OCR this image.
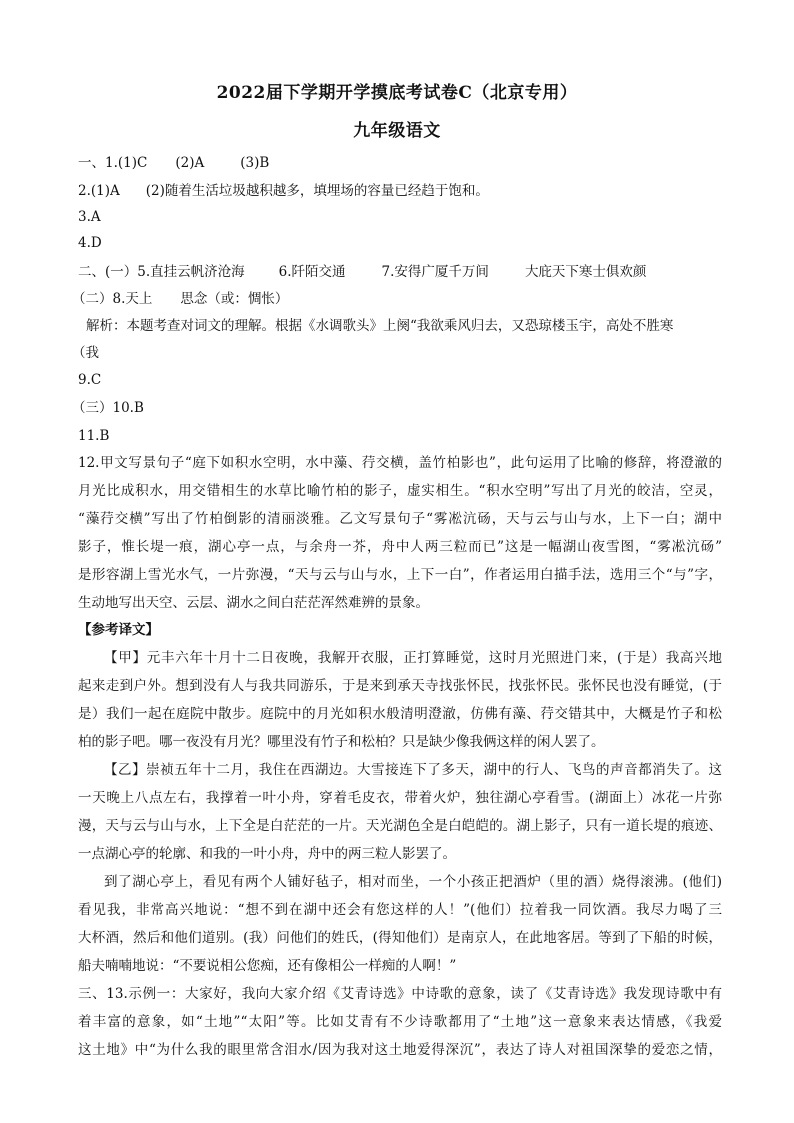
2022届下学期开学摸底考试卷C（北京专用）
九年级语文
一、1.(1)C (2)A	(3)B
2.(1)A (2)随着生活垃圾越积越多，填埋场的容量已经趋于饱和。
3.A
4.D
二、(一）5.直挂云帆济沧海	6.阡陌交通	7.安得广厦千万间	大庇天下寒士俱欢颜
（二）8.天上 思念（或：惆怅）
解析：本题考查对词文的理解。根据《水调歌头》上阕“我欲乘风归去，又恐琼楼玉宇，高处不胜寒
（我
9.C
（三）10.B
11.B
12.甲文写景句子“庭下如积水空明，水中藻、荇交横，盖竹柏影也”，此句运用了比喻的修辞，将澄澈的
月光比成积水，用交错相生的水草比喻竹柏的影子，虚实相生。“积水空明”写出了月光的皎洁，空灵，
“藻荇交横”写出了竹柏倒影的清丽淡雅。乙文写景句子“雾凇沆砀，天与云与山与水，上下一白；湖中
影子，惟长堤一痕，湖心亭一点，与余舟一芥，舟中人两三粒而已”这是一幅湖山夜雪图，“雾凇沆砀”
是形容湖上雪光水气，一片弥漫，“天与云与山与水，上下一白”，作者运用白描手法，选用三个“与”字，
生动地写出天空、云层、湖水之间白茫茫浑然难辨的景象。
【参考译文】
【甲】元丰六年十月十二日夜晚，我解开衣服，正打算睡觉，这时月光照进门来，(于是）我高兴地
起来走到户外。想到没有人与我共同游乐，于是来到承天寺找张怀民，找张怀民。张怀民也没有睡觉，(于
是）我们一起在庭院中散步。庭院中的月光如积水般清明澄澈，仿佛有藻、荇交错其中，大概是竹子和松
柏的影子吧。哪一夜没有月光？哪里没有竹子和松柏？只是缺少像我俩这样的闲人罢了。
【乙】崇祯五年十二月，我住在西湖边。大雪接连下了多天，湖中的行人、飞鸟的声音都消失了。这
一天晚上八点左右，我撑着一叶小舟，穿着毛皮衣，带着火炉，独往湖心亭看雪。(湖面上）冰花一片弥
漫，天与云与山与水，上下全是白茫茫的一片。天光湖色全是白皑皑的。湖上影子，只有一道长堤的痕迹、
一点湖心亭的轮廓、和我的一叶小舟，舟中的两三粒人影罢了。
到了湖心亭上，看见有两个人铺好毡子，相对而坐，一个小孩正把酒炉（里的酒）烧得滚沸。(他们)
看见我，非常高兴地说：“想不到在湖中还会有您这样的人！”(他们）拉着我一同饮酒。我尽力喝了三
大杯酒，然后和他们道别。(我）问他们的姓氏，(得知他们）是南京人，在此地客居。等到了下船的时候，
船夫喃喃地说：“不要说相公您痴，还有像相公一样痴的人啊！”
三、13.示例一：大家好，我向大家介绍《艾青诗选》中诗歌的意象，读了《艾青诗选》我发现诗歌中有
着丰富的意象，如“土地”“太阳”等。比如艾青有不少诗歌都用了“土地”这一意象来表达情感，《我爱
这土地》中“为什么我的眼里常含泪水/因为我对这土地爱得深沉”，表达了诗人对祖国深挚的爱恋之情，
